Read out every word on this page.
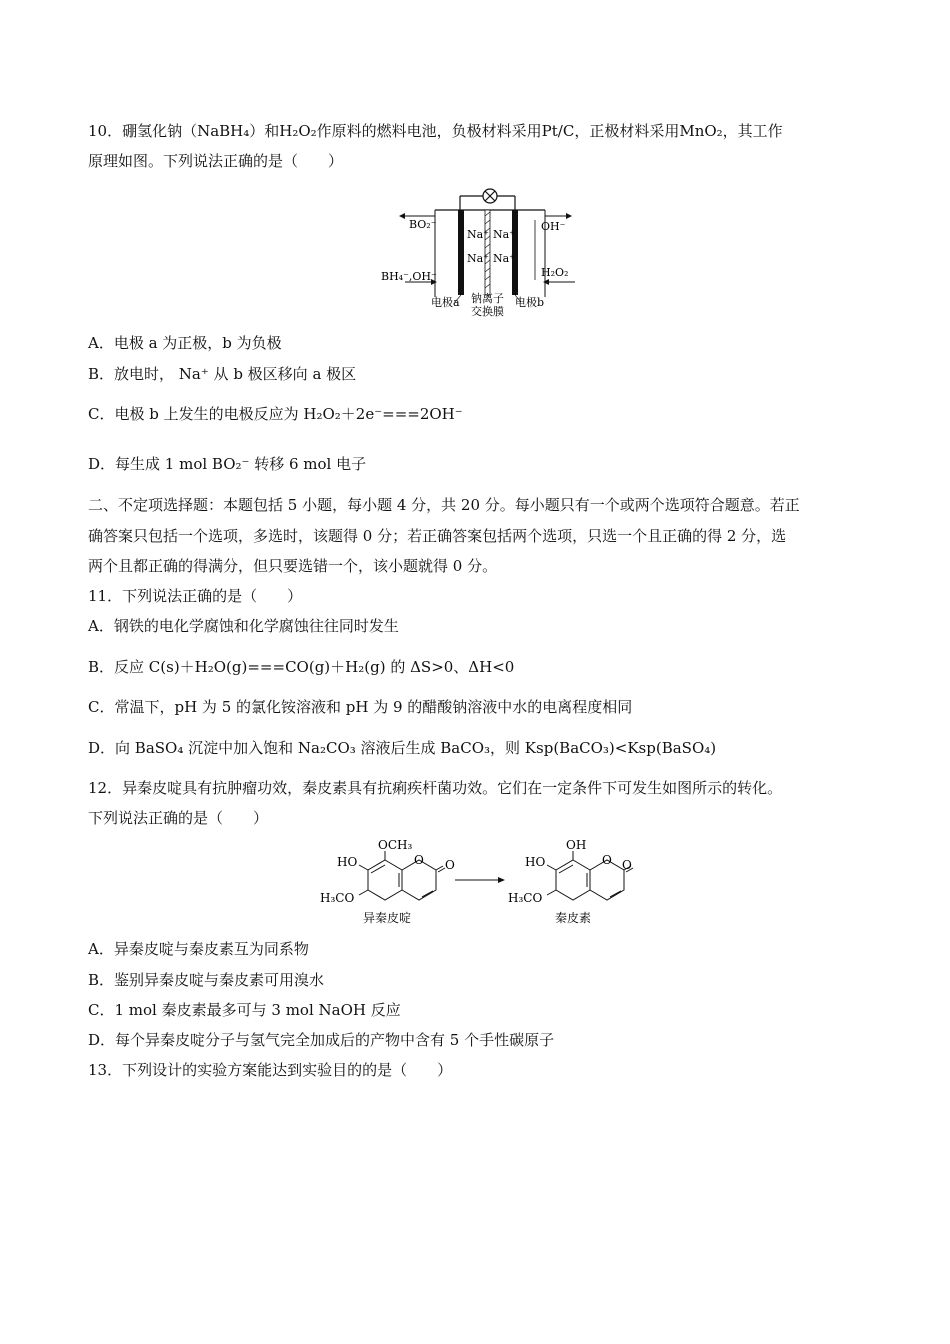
10．硼氢化钠（NaBH₄）和H₂O₂作原料的燃料电池，负极材料采用Pt/C，正极材料采用MnO₂，其工作
原理如图。下列说法正确的是（　　）
BO₂⁻
BH₄⁻,OH⁻
OH⁻
H₂O₂
Na⁺ Na⁺
Na⁺ Na⁺
电极a 钠离子
交换膜
电极b
A．电极 a 为正极，b 为负极
B．放电时， Na⁺ 从 b 极区移向 a 极区
C．电极 b 上发生的电极反应为 H₂O₂＋2e⁻===2OH⁻
D．每生成 1 mol BO₂⁻ 转移 6 mol 电子
二、不定项选择题：本题包括 5 小题，每小题 4 分，共 20 分。每小题只有一个或两个选项符合题意。若正
确答案只包括一个选项，多选时，该题得 0 分；若正确答案包括两个选项，只选一个且正确的得 2 分，选
两个且都正确的得满分，但只要选错一个，该小题就得 0 分。
11．下列说法正确的是（　　）
A．钢铁的电化学腐蚀和化学腐蚀往往同时发生
B．反应 C(s)＋H₂O(g)===CO(g)＋H₂(g) 的 ΔS>0、ΔH<0
C．常温下，pH 为 5 的氯化铵溶液和 pH 为 9 的醋酸钠溶液中水的电离程度相同
D．向 BaSO₄ 沉淀中加入饱和 Na₂CO₃ 溶液后生成 BaCO₃，则 Ksp(BaCO₃)<Ksp(BaSO₄)
12．异秦皮啶具有抗肿瘤功效，秦皮素具有抗痢疾杆菌功效。它们在一定条件下可发生如图所示的转化。
下列说法正确的是（　　）
OCH₃
HO
H₃CO
O O
异秦皮啶
OH
HO
H₃CO
O O
秦皮素
A．异秦皮啶与秦皮素互为同系物
B．鉴别异秦皮啶与秦皮素可用溴水
C．1 mol 秦皮素最多可与 3 mol NaOH 反应
D．每个异秦皮啶分子与氢气完全加成后的产物中含有 5 个手性碳原子
13．下列设计的实验方案能达到实验目的的是（　　）
